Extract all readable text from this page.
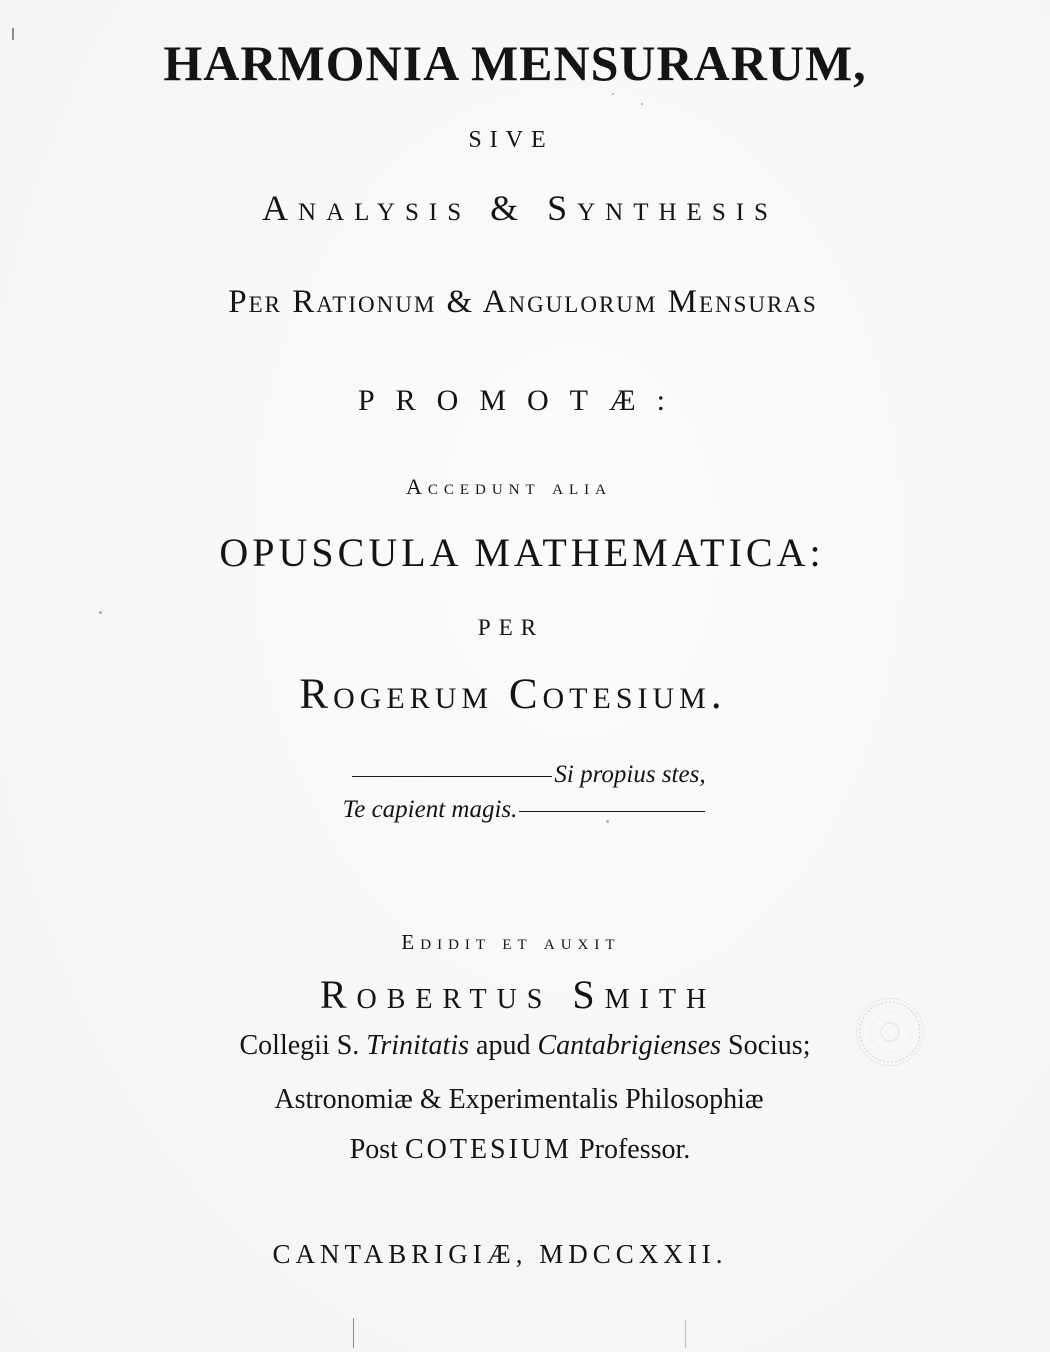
HARMONIA MENSURARUM,
SIVE
Analysis & Synthesis
Per Rationum & Angulorum Mensuras
PROMOTÆ:
Accedunt alia
OPUSCULA MATHEMATICA:
PER
Rogerum Cotesium.
Si propius stes,
Te capient magis.
Edidit et auxit
Robertus Smith
Collegii S. Trinitatis apud Cantabrigienses Socius;
Astronomiæ & Experimentalis Philosophiæ
Post COTESIUM Professor.
CANTABRIGIÆ, MDCCXXII.
